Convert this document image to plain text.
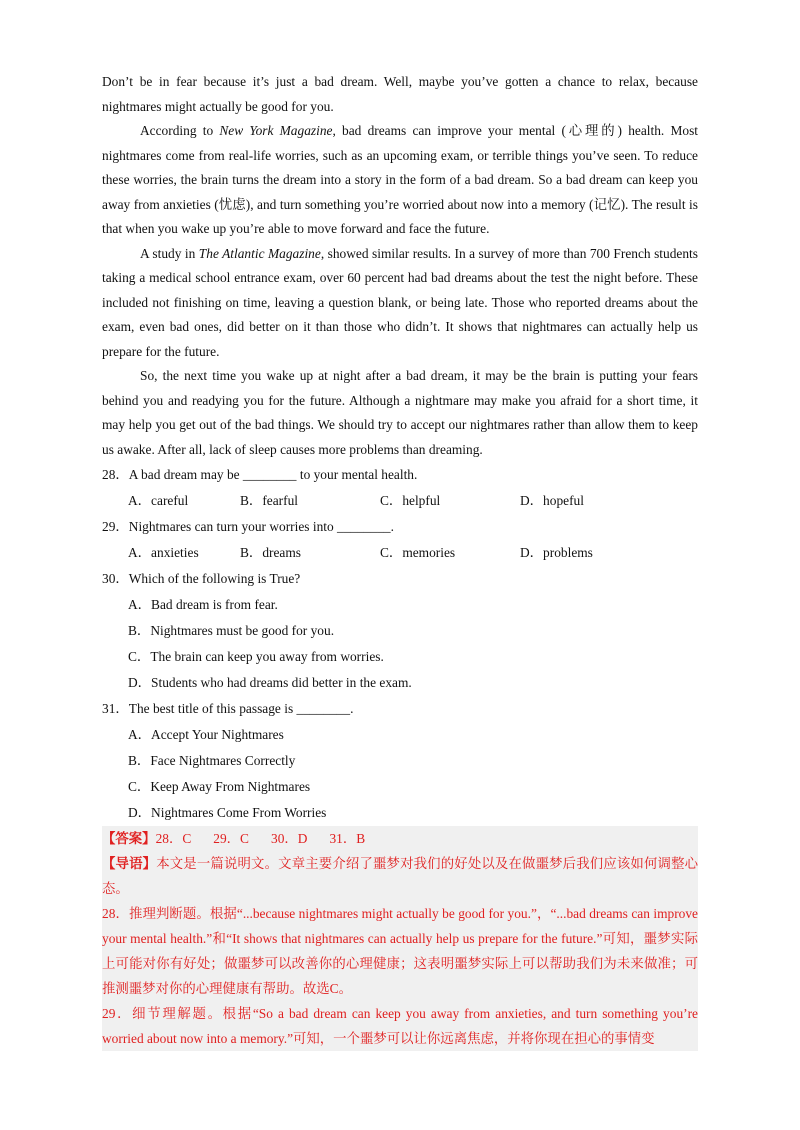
Don’t be in fear because it’s just a bad dream. Well, maybe you’ve gotten a chance to relax, because nightmares might actually be good for you.

According to New York Magazine, bad dreams can improve your mental (心理的) health. Most nightmares come from real-life worries, such as an upcoming exam, or terrible things you’ve seen. To reduce these worries, the brain turns the dream into a story in the form of a bad dream. So a bad dream can keep you away from anxieties (忧虑), and turn something you’re worried about now into a memory (记忆). The result is that when you wake up you’re able to move forward and face the future.

A study in The Atlantic Magazine, showed similar results. In a survey of more than 700 French students taking a medical school entrance exam, over 60 percent had bad dreams about the test the night before. These included not finishing on time, leaving a question blank, or being late. Those who reported dreams about the exam, even bad ones, did better on it than those who didn’t. It shows that nightmares can actually help us prepare for the future.

So, the next time you wake up at night after a bad dream, it may be the brain is putting your fears behind you and readying you for the future. Although a nightmare may make you afraid for a short time, it may help you get out of the bad things. We should try to accept our nightmares rather than allow them to keep us awake. After all, lack of sleep causes more problems than dreaming.

28．A bad dream may be ________ to your mental health.

A．careful	B．fearful	C．helpful	D．hopeful

29．Nightmares can turn your worries into ________.

A．anxieties	B．dreams	C．memories	D．problems

30．Which of the following is True?

A．Bad dream is from fear.

B．Nightmares must be good for you.

C．The brain can keep you away from worries.

D．Students who had dreams did better in the exam.

31．The best title of this passage is ________.

A．Accept Your Nightmares

B．Face Nightmares Correctly

C．Keep Away From Nightmares

D．Nightmares Come From Worries

【答案】28．C 29．C 30．D 31．B

【导语】本文是一篇说明文。文章主要介绍了噩梦对我们的好处以及在做噩梦后我们应该如何调整心态。

28．推理判断题。根据“...because nightmares might actually be good for you.”，“...bad dreams can improve your mental health.”和“It shows that nightmares can actually help us prepare for the future.”可知，噩梦实际上可能对你有好处；做噩梦可以改善你的心理健康；这表明噩梦实际上可以帮助我们为未来做准；可推测噩梦对你的心理健康有帮助。故选C。

29．细节理解题。根据“So a bad dream can keep you away from anxieties, and turn something you’re worried about now into a memory.”可知，一个噩梦可以让你远离焦虑，并将你现在担心的事情变
